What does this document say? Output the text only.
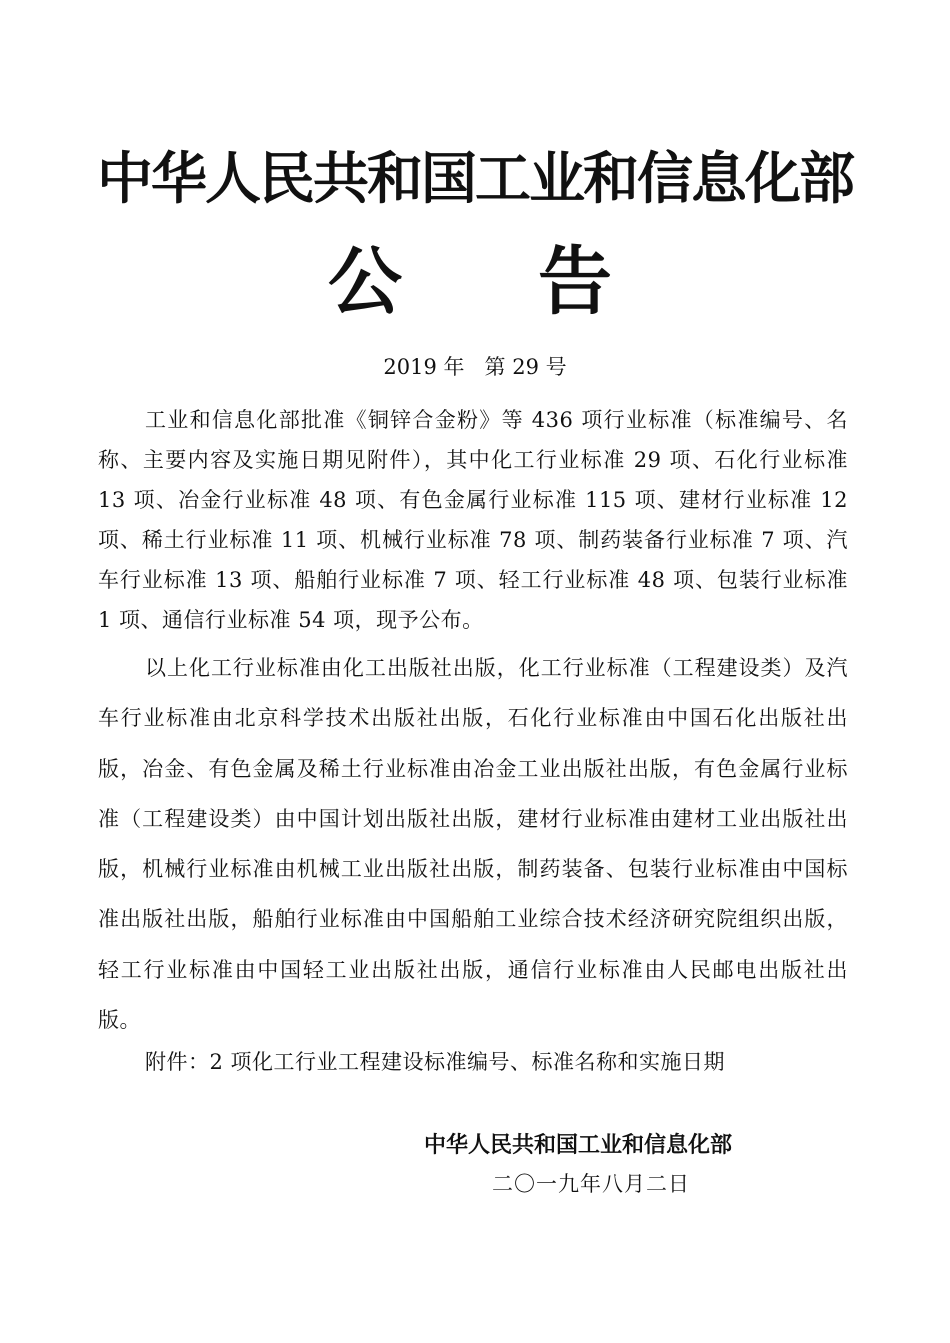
中华人民共和国工业和信息化部
公 告
2019 年   第 29 号

工业和信息化部批准《铜锌合金粉》等 436 项行业标准（标准编号、名称、主要内容及实施日期见附件），其中化工行业标准 29 项、石化行业标准 13 项、冶金行业标准 48 项、有色金属行业标准 115 项、建材行业标准 12 项、稀土行业标准 11 项、机械行业标准 78 项、制药装备行业标准 7 项、汽车行业标准 13 项、船舶行业标准 7 项、轻工行业标准 48 项、包装行业标准 1 项、通信行业标准 54 项，现予公布。

以上化工行业标准由化工出版社出版，化工行业标准（工程建设类）及汽车行业标准由北京科学技术出版社出版，石化行业标准由中国石化出版社出版，冶金、有色金属及稀土行业标准由冶金工业出版社出版，有色金属行业标准（工程建设类）由中国计划出版社出版，建材行业标准由建材工业出版社出版，机械行业标准由机械工业出版社出版，制药装备、包装行业标准由中国标准出版社出版，船舶行业标准由中国船舶工业综合技术经济研究院组织出版，轻工行业标准由中国轻工业出版社出版，通信行业标准由人民邮电出版社出版。

附件：2 项化工行业工程建设标准编号、标准名称和实施日期

中华人民共和国工业和信息化部
二〇一九年八月二日
